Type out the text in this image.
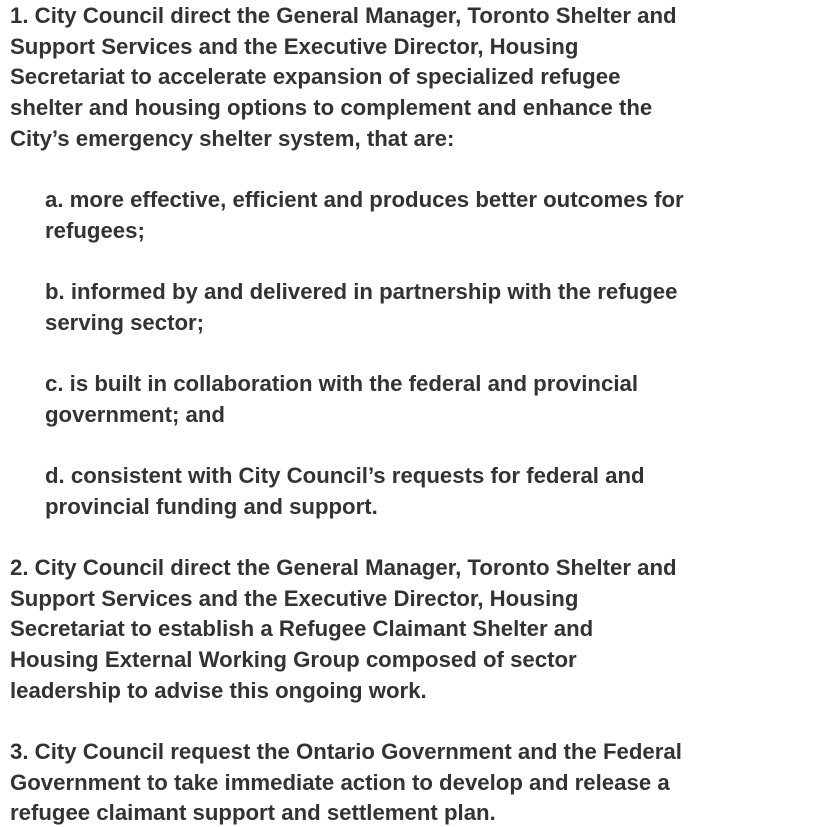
1. City Council direct the General Manager, Toronto Shelter and
Support Services and the Executive Director, Housing
Secretariat to accelerate expansion of specialized refugee
shelter and housing options to complement and enhance the
City’s emergency shelter system, that are:
a. more effective, efficient and produces better outcomes for
refugees;
b. informed by and delivered in partnership with the refugee
serving sector;
c. is built in collaboration with the federal and provincial
government; and
d. consistent with City Council’s requests for federal and
provincial funding and support.
2. City Council direct the General Manager, Toronto Shelter and
Support Services and the Executive Director, Housing
Secretariat to establish a Refugee Claimant Shelter and
Housing External Working Group composed of sector
leadership to advise this ongoing work.
3. City Council request the Ontario Government and the Federal
Government to take immediate action to develop and release a
refugee claimant support and settlement plan.
